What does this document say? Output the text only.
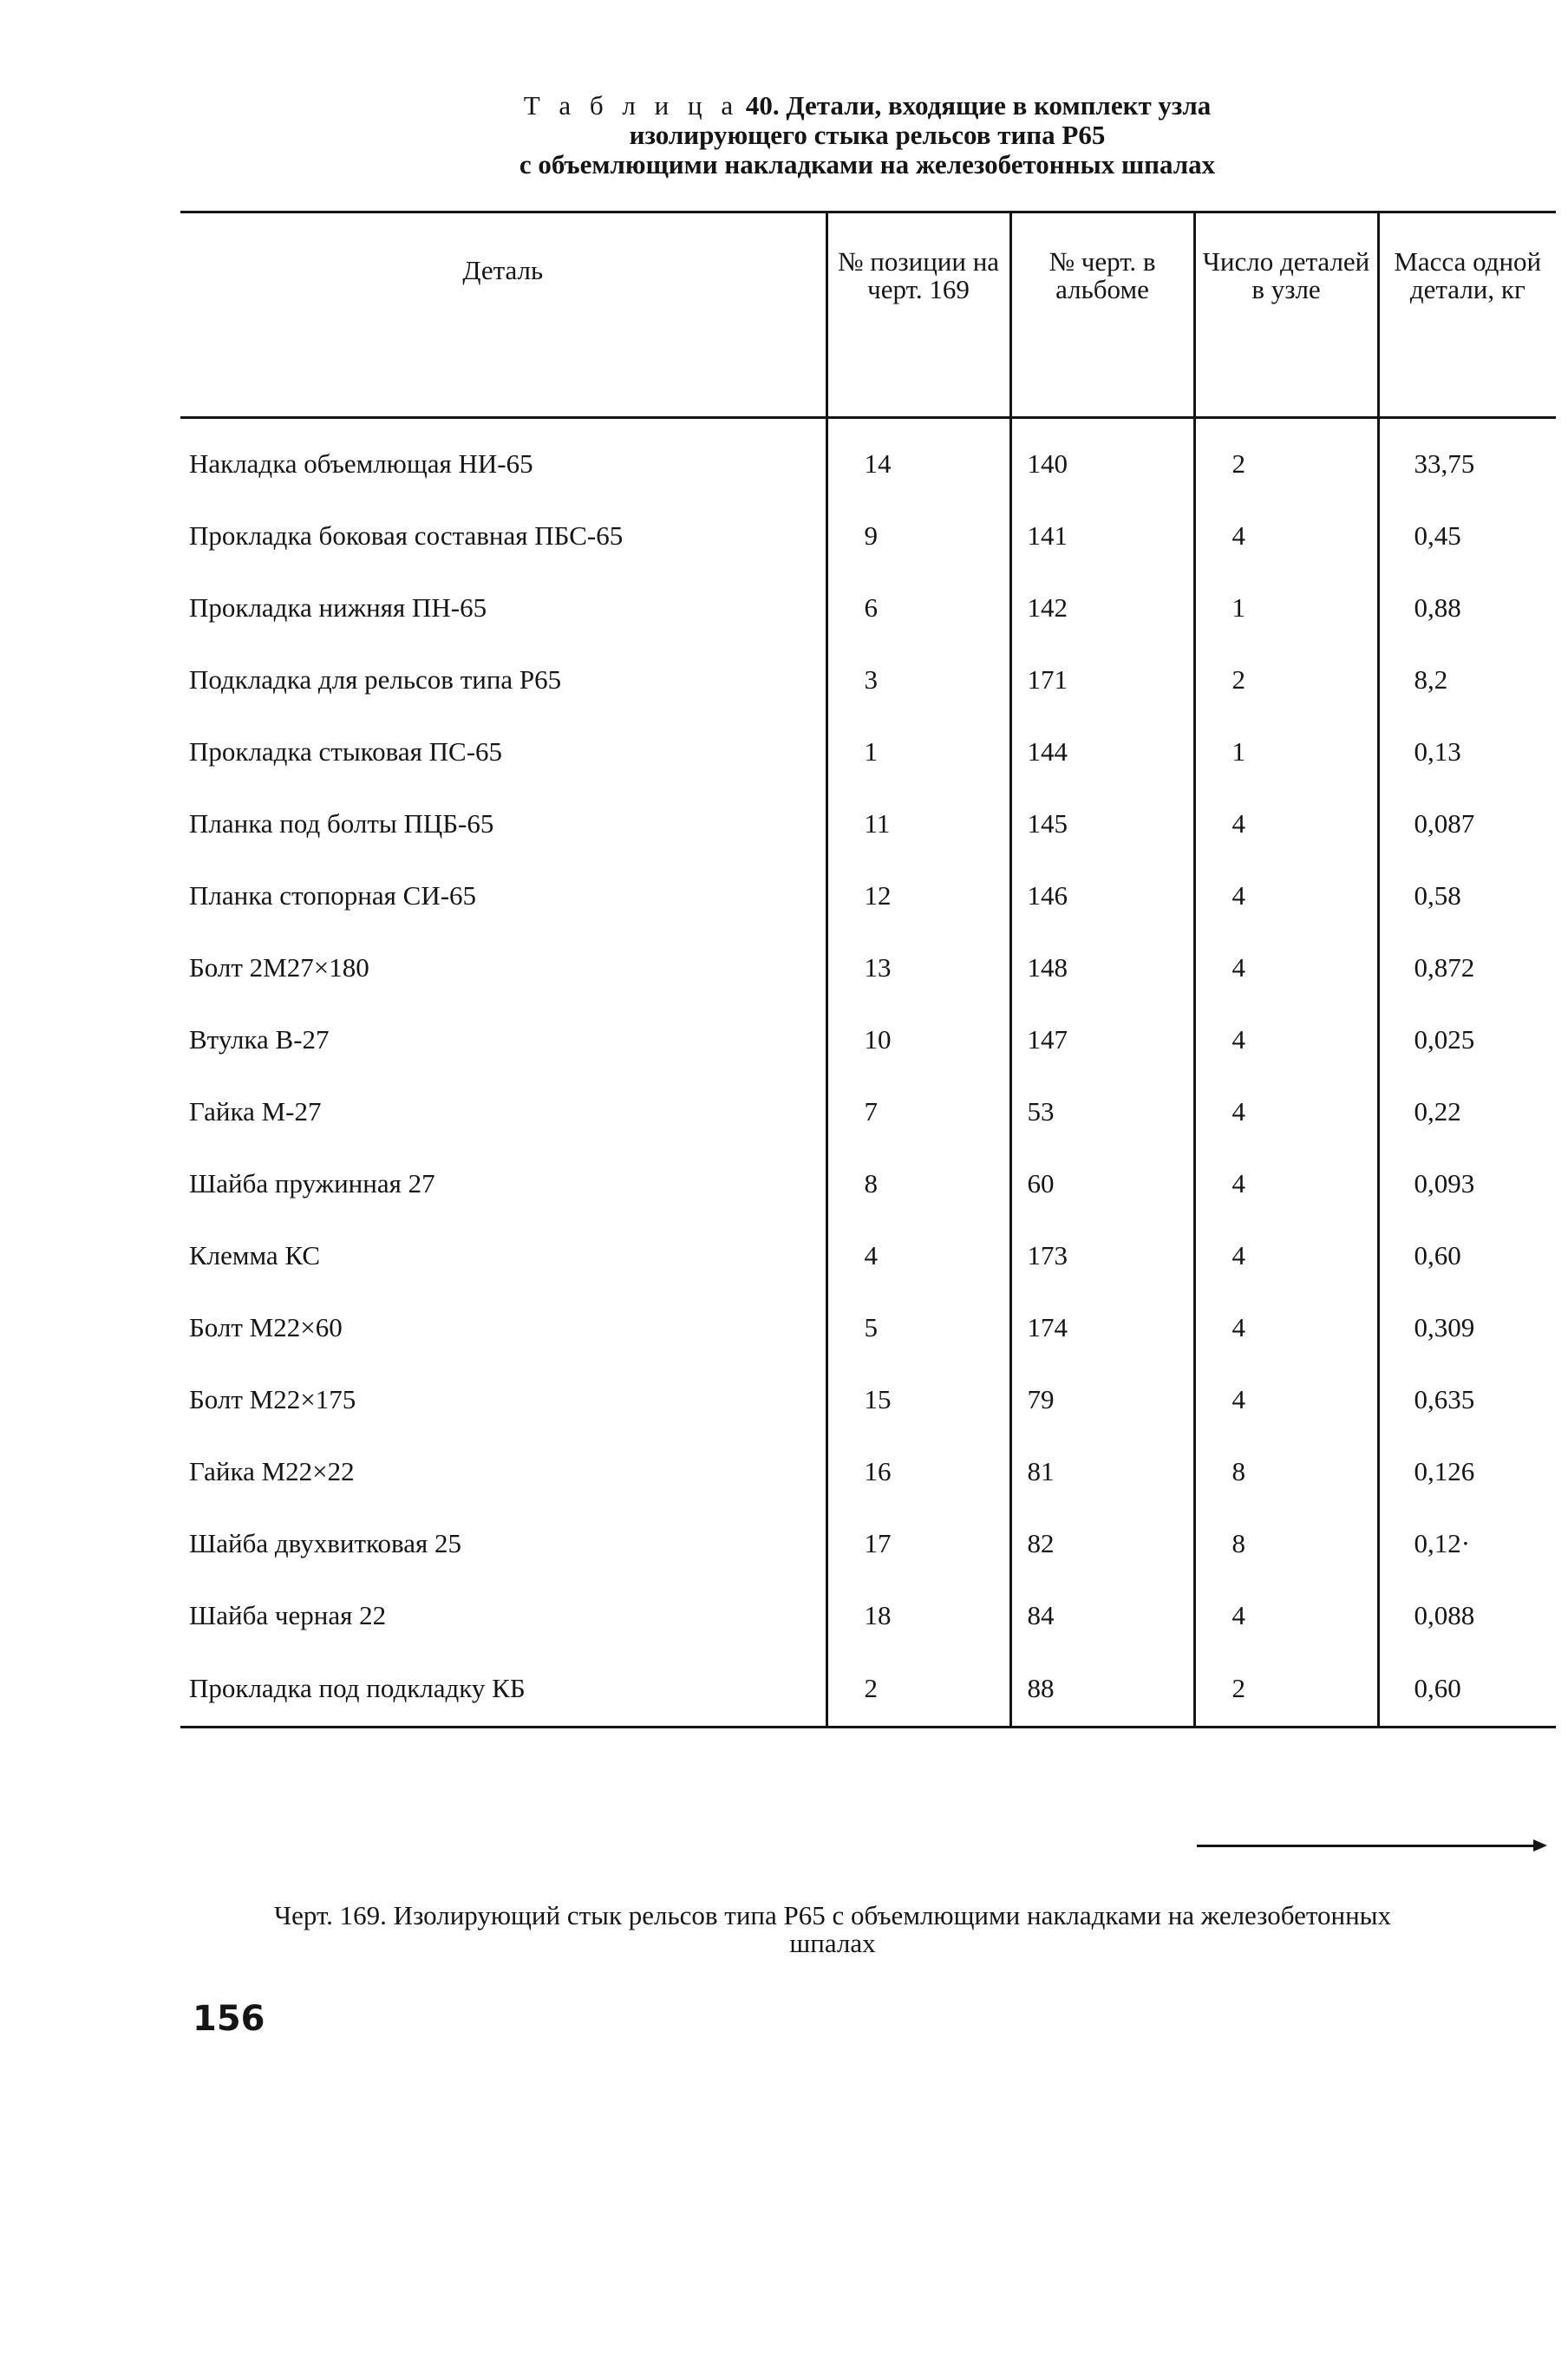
Т а б л и ц а 40. Детали, входящие в комплект узла
изолирующего стыка рельсов типа Р65
с объемлющими накладками на железобетонных шпалах
Деталь	№ позиции на черт. 169	№ черт. в альбоме	Число деталей в узле	Масса одной детали, кг
Накладка объемлющая НИ-65	14	140	2	33,75
Прокладка боковая составная ПБС-65	9	141	4	0,45
Прокладка нижняя ПН-65	6	142	1	0,88
Подкладка для рельсов типа Р65	3	171	2	8,2
Прокладка стыковая ПС-65	1	144	1	0,13
Планка под болты ПЦБ-65	11	145	4	0,087
Планка стопорная СИ-65	12	146	4	0,58
Болт 2М27×180	13	148	4	0,872
Втулка В-27	10	147	4	0,025
Гайка М-27	7	53	4	0,22
Шайба пружинная 27	8	60	4	0,093
Клемма КС	4	173	4	0,60
Болт М22×60	5	174	4	0,309
Болт М22×175	15	79	4	0,635
Гайка М22×22	16	81	8	0,126
Шайба двухвитковая 25	17	82	8	0,12·
Шайба черная 22	18	84	4	0,088
Прокладка под подкладку КБ	2	88	2	0,60
Черт. 169. Изолирующий стык рельсов типа Р65 с объемлющими накладками на железобетонных
шпалах
156
